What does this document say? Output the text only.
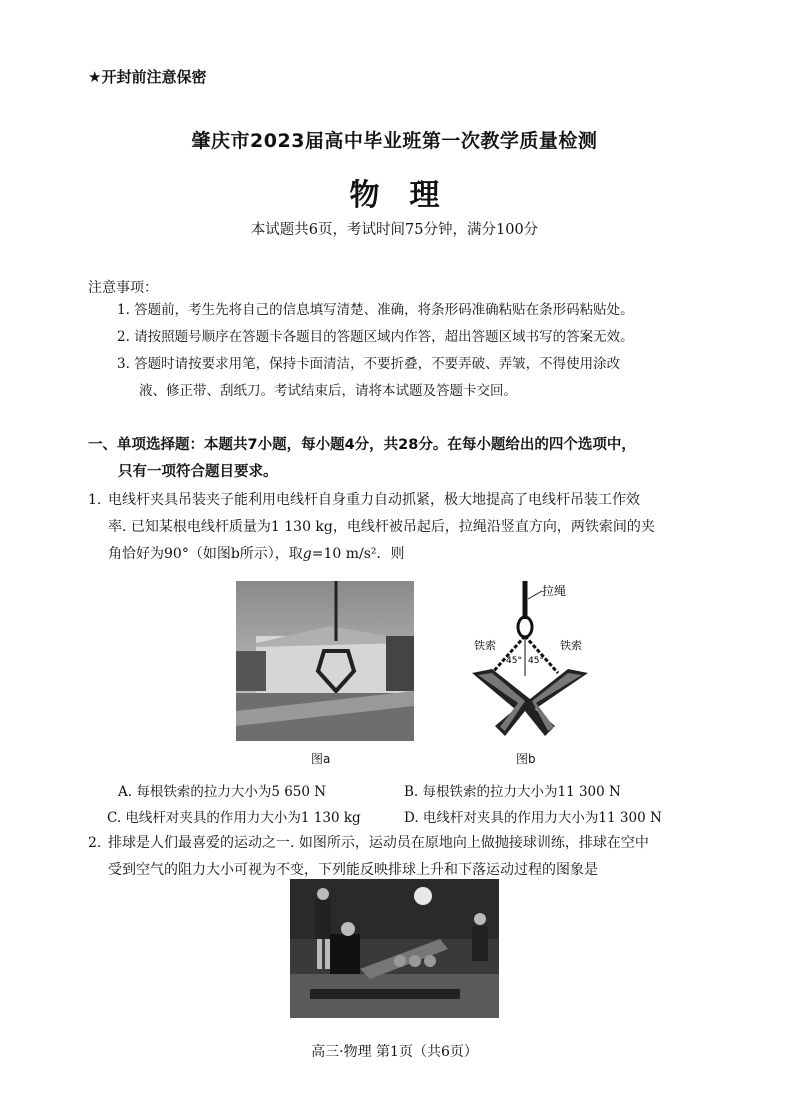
★开封前注意保密
肇庆市2023届高中毕业班第一次教学质量检测
物理
本试题共6页，考试时间75分钟，满分100分
注意事项：
1. 答题前，考生先将自己的信息填写清楚、准确，将条形码准确粘贴在条形码粘贴处。
2. 请按照题号顺序在答题卡各题目的答题区域内作答，超出答题区域书写的答案无效。
3. 答题时请按要求用笔，保持卡面清洁，不要折叠，不要弄破、弄皱，不得使用涂改
液、修正带、刮纸刀。考试结束后，请将本试题及答题卡交回。
一、单项选择题：本题共7小题，每小题4分，共28分。在每小题给出的四个选项中，
只有一项符合题目要求。
1. 电线杆夹具吊装夹子能利用电线杆自身重力自动抓紧，极大地提高了电线杆吊装工作效
率. 已知某根电线杆质量为1 130 kg，电线杆被吊起后，拉绳沿竖直方向，两铁索间的夹
角恰好为90°（如图b所示），取g=10 m/s²．则
拉绳
45° 45°
铁索	铁索
图a	图b
A. 每根铁索的拉力大小为5 650 N	B. 每根铁索的拉力大小为11 300 N
C. 电线杆对夹具的作用力大小为1 130 kg	D. 电线杆对夹具的作用力大小为11 300 N
2. 排球是人们最喜爱的运动之一. 如图所示，运动员在原地向上做抛接球训练，排球在空中
受到空气的阻力大小可视为不变，下列能反映排球上升和下落运动过程的图象是
高三·物理 第1页（共6页）
